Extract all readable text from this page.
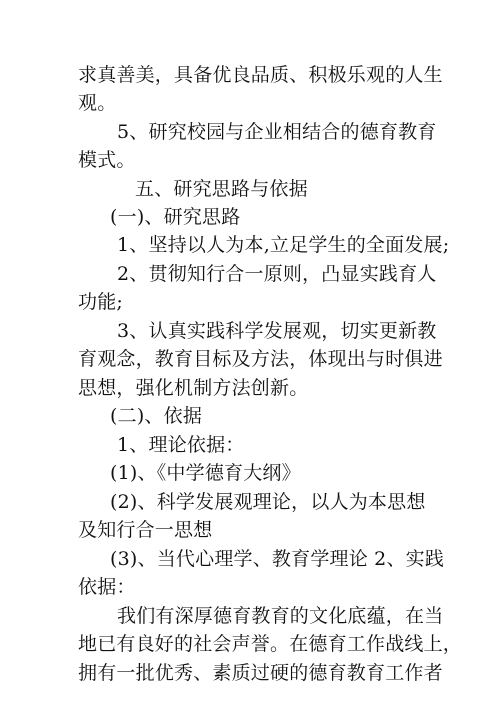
求真善美，具备优良品质、积极乐观的人生
观。
5、研究校园与企业相结合的德育教育
模式。
五、研究思路与依据
(一)、研究思路
1、坚持以人为本,立足学生的全面发展;
2、贯彻知行合一原则，凸显实践育人
功能;
3、认真实践科学发展观，切实更新教
育观念，教育目标及方法，体现出与时俱进
思想，强化机制方法创新。
(二)、依据
1、理论依据：
(1)、《中学德育大纲》
(2)、科学发展观理论，以人为本思想
及知行合一思想
(3)、当代心理学、教育学理论 2、实践
依据：
我们有深厚德育教育的文化底蕴，在当
地已有良好的社会声誉。在德育工作战线上，
拥有一批优秀、素质过硬的德育教育工作者
